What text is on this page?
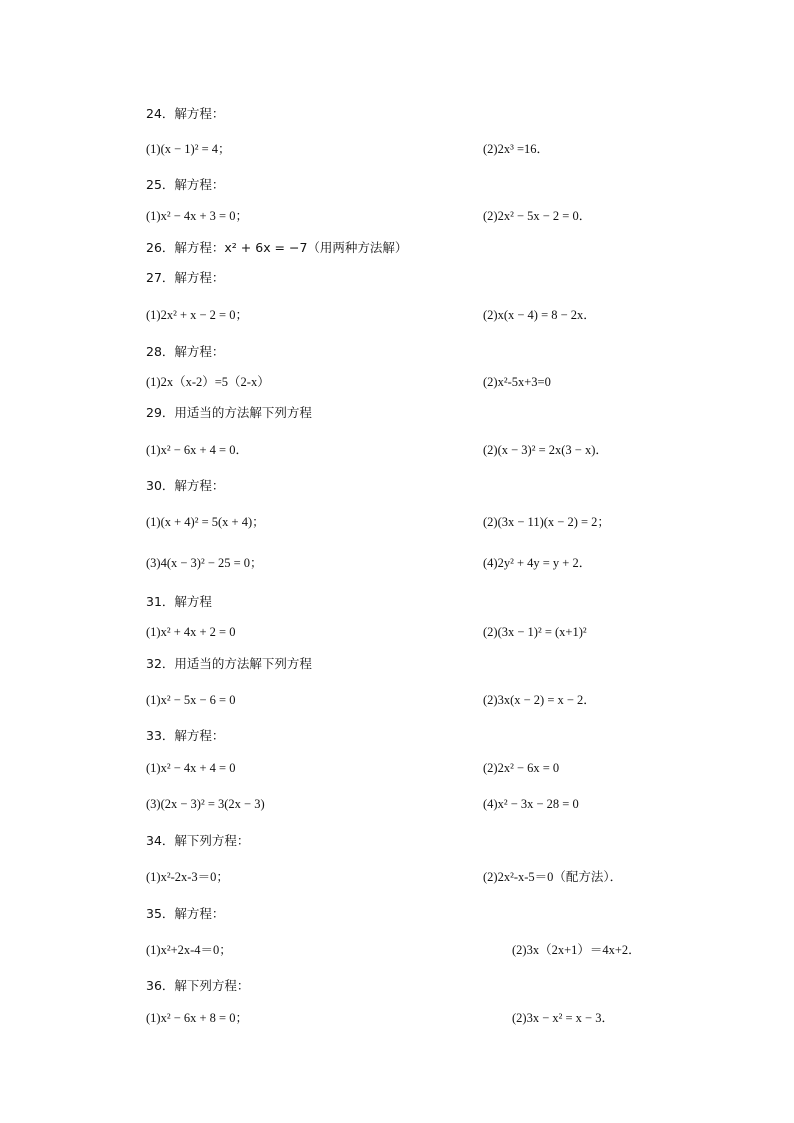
24．解方程：
(1)(x − 1)² = 4；	(2)2x³ =16．
25．解方程：
(1)x² − 4x + 3 = 0；	(2)2x² − 5x − 2 = 0．
26．解方程：x² + 6x = −7（用两种方法解）
27．解方程：
(1)2x² + x − 2 = 0；	(2)x(x − 4) = 8 − 2x．
28．解方程：
(1)2x（x-2）=5（2-x）	(2)x²-5x+3=0
29．用适当的方法解下列方程
(1)x² − 6x + 4 = 0．	(2)(x − 3)² = 2x(3 − x)．
30．解方程：
(1)(x + 4)² = 5(x + 4)；	(2)(3x − 11)(x − 2) = 2；
(3)4(x − 3)² − 25 = 0；	(4)2y² + 4y = y + 2．
31．解方程
(1)x² + 4x + 2 = 0	(2)(3x − 1)² = (x+1)²
32．用适当的方法解下列方程
(1)x² − 5x − 6 = 0	(2)3x(x − 2) = x − 2．
33．解方程：
(1)x² − 4x + 4 = 0	(2)2x² − 6x = 0
(3)(2x − 3)² = 3(2x − 3)	(4)x² − 3x − 28 = 0
34．解下列方程：
(1)x²-2x-3＝0；	(2)2x²-x-5＝0（配方法）．
35．解方程：
(1)x²+2x-4＝0；	(2)3x（2x+1）＝4x+2．
36．解下列方程：
(1)x² − 6x + 8 = 0；	(2)3x − x² = x − 3．
